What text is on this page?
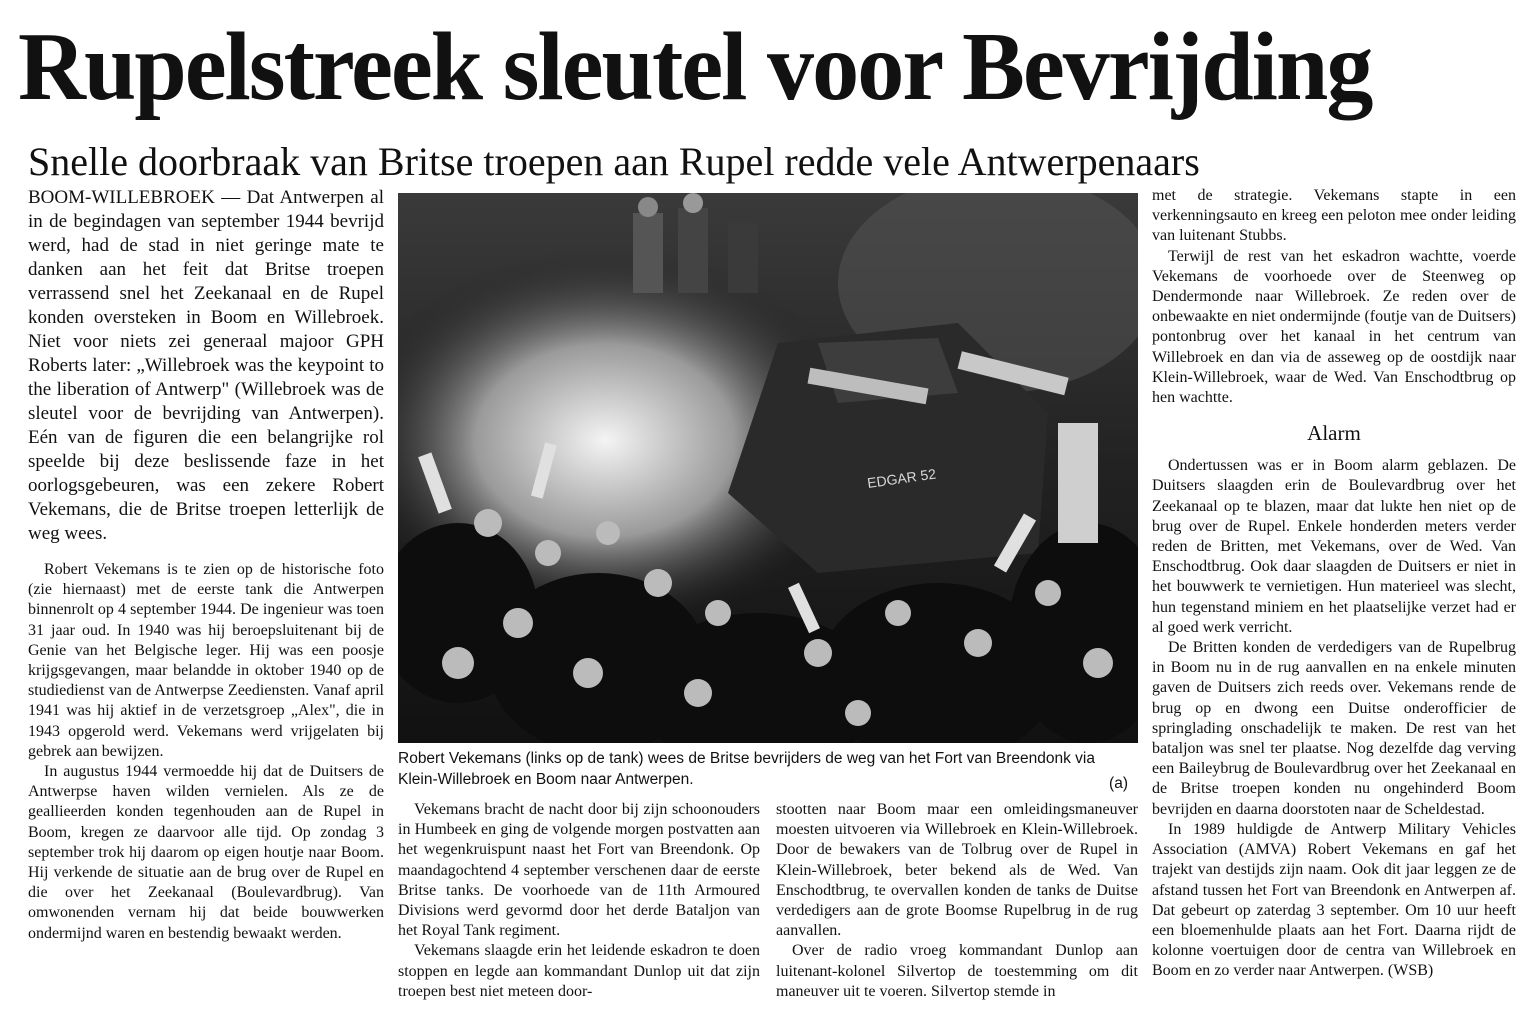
Rupelstreek sleutel voor Bevrijding
Snelle doorbraak van Britse troepen aan Rupel redde vele Antwerpenaars

BOOM-WILLEBROEK — Dat Antwerpen al in de begindagen van september 1944 bevrijd werd, had de stad in niet geringe mate te danken aan het feit dat Britse troepen verrassend snel het Zeekanaal en de Rupel konden oversteken in Boom en Willebroek. Niet voor niets zei generaal majoor GPH Roberts later: „Willebroek was the keypoint to the liberation of Antwerp" (Willebroek was de sleutel voor de bevrijding van Antwerpen). Eén van de figuren die een belangrijke rol speelde bij deze beslissende faze in het oorlogsgebeuren, was een zekere Robert Vekemans, die de Britse troepen letterlijk de weg wees.

Robert Vekemans is te zien op de historische foto (zie hiernaast) met de eerste tank die Antwerpen binnenrolt op 4 september 1944. De ingenieur was toen 31 jaar oud. In 1940 was hij beroepsluitenant bij de Genie van het Belgische leger. Hij was een poosje krijgsgevangen, maar belandde in oktober 1940 op de studiedienst van de Antwerpse Zeediensten. Vanaf april 1941 was hij aktief in de verzetsgroep „Alex", die in 1943 opgerold werd. Vekemans werd vrijgelaten bij gebrek aan bewijzen.

In augustus 1944 vermoedde hij dat de Duitsers de Antwerpse haven wilden vernielen. Als ze de geallieerden konden tegenhouden aan de Rupel in Boom, kregen ze daarvoor alle tijd. Op zondag 3 september trok hij daarom op eigen houtje naar Boom. Hij verkende de situatie aan de brug over de Rupel en die over het Zeekanaal (Boulevardbrug). Van omwonenden vernam hij dat beide bouwwerken ondermijnd waren en bestendig bewaakt werden.

EDGAR 52
Robert Vekemans (links op de tank) wees de Britse bevrijders de weg van het Fort van Breendonk via Klein-Willebroek en Boom naar Antwerpen.	(a)

Vekemans bracht de nacht door bij zijn schoonouders in Humbeek en ging de volgende morgen postvatten aan het wegenkruispunt naast het Fort van Breendonk. Op maandagochtend 4 september verschenen daar de eerste Britse tanks. De voorhoede van de 11th Armoured Divisions werd gevormd door het derde Bataljon van het Royal Tank regiment.

Vekemans slaagde erin het leidende eskadron te doen stoppen en legde aan kommandant Dunlop uit dat zijn troepen best niet meteen door-

stootten naar Boom maar een omleidingsmaneuver moesten uitvoeren via Willebroek en Klein-Willebroek. Door de bewakers van de Tolbrug over de Rupel in Klein-Willebroek, beter bekend als de Wed. Van Enschodtbrug, te overvallen konden de tanks de Duitse verdedigers aan de grote Boomse Rupelbrug in de rug aanvallen.

Over de radio vroeg kommandant Dunlop aan luitenant-kolonel Silvertop de toestemming om dit maneuver uit te voeren. Silvertop stemde in

met de strategie. Vekemans stapte in een verkenningsauto en kreeg een peloton mee onder leiding van luitenant Stubbs.

Terwijl de rest van het eskadron wachtte, voerde Vekemans de voorhoede over de Steenweg op Dendermonde naar Willebroek. Ze reden over de onbewaakte en niet ondermijnde (foutje van de Duitsers) pontonbrug over het kanaal in het centrum van Willebroek en dan via de asseweg op de oostdijk naar Klein-Willebroek, waar de Wed. Van Enschodtbrug op hen wachtte.

Alarm

Ondertussen was er in Boom alarm geblazen. De Duitsers slaagden erin de Boulevardbrug over het Zeekanaal op te blazen, maar dat lukte hen niet op de brug over de Rupel. Enkele honderden meters verder reden de Britten, met Vekemans, over de Wed. Van Enschodtbrug. Ook daar slaagden de Duitsers er niet in het bouwwerk te vernietigen. Hun materieel was slecht, hun tegenstand miniem en het plaatselijke verzet had er al goed werk verricht.

De Britten konden de verdedigers van de Rupelbrug in Boom nu in de rug aanvallen en na enkele minuten gaven de Duitsers zich reeds over. Vekemans rende de brug op en dwong een Duitse onderofficier de springlading onschadelijk te maken. De rest van het bataljon was snel ter plaatse. Nog dezelfde dag verving een Baileybrug de Boulevardbrug over het Zeekanaal en de Britse troepen konden nu ongehinderd Boom bevrijden en daarna doorstoten naar de Scheldestad.

In 1989 huldigde de Antwerp Military Vehicles Association (AMVA) Robert Vekemans en gaf het trajekt van destijds zijn naam. Ook dit jaar leggen ze de afstand tussen het Fort van Breendonk en Antwerpen af. Dat gebeurt op zaterdag 3 september. Om 10 uur heeft een bloemenhulde plaats aan het Fort. Daarna rijdt de kolonne voertuigen door de centra van Willebroek en Boom en zo verder naar Antwerpen. (WSB)
